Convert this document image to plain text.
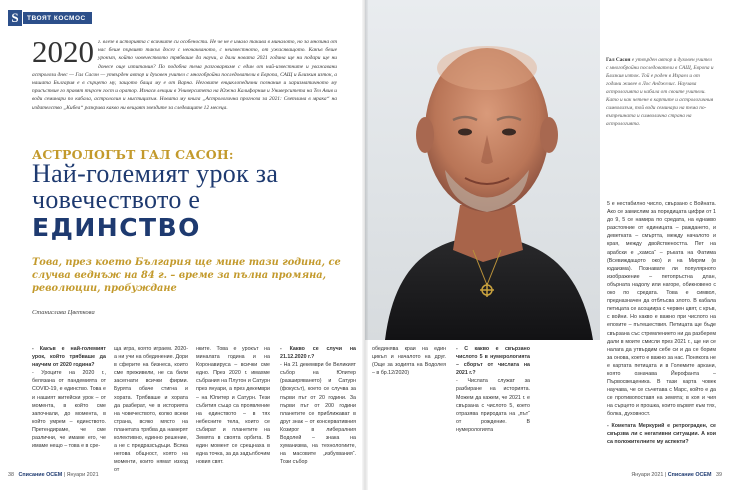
S	ТВОЯТ КОСМОС
2020 г. влезе в историята с всичките си особености. Не че не е имало такива в миналото, но за мнозина от нас беше първият такъв досег с неочакваното, с неизвестното, от ужасяващото. Какъв беше урокът, който човечеството трябваше да научи, а дали новата 2021 година ще ни подари ще ни донесе още изпитания? По подобна тема разговаряхме с един от най-известните и уважавани астролози днес — Гал Сасон — утвърден автор и духовен учител с многобройни последователи в Европа, САЩ и Близкия изток, а нашата България е в сърцето му, защото баща му е от Варна. Неговите енциклопедични познания и харизматичното му присъствие го правят търсен гост и оратор. Изнася лекции в Университета на Южна Калифорния и Университета на Тел Авив и води семинари по кабала, астрология и мистицизъм. Новата му книга „Астрологична прогноза за 2021: Светлина в мрака“ на издателство „Кибеа“ разкрива какво ни вещаят звездите за следващите 12 месеца.
АСТРОЛОГЪТ ГАЛ САСОН:
Най-големият урок за човечеството е
ЕДИНСТВО
Това, през което България ще мине тази година, се случва веднъж на 84 г. – време за пълна промяна, революции, пробуждане
Станислава Цветкова

- Какъв е най-големият урок, който трябваше да научим от 2020 година?

- Уроците на 2020 г., белязана от пандемията от COVID-19, е единство. Това е и нашият житейски урок – от момента, в който сме започнали, до момента, в който умрем – единството. Претендираме, че сме различни, че имаме его, че имаме нещо – това е в сре-

ща игра, която играем. 2020-а ни учи на обединение. Дори в сферите на бизнеса, които сме преживели, не са били засегнати всички фирми. Бурята обаче стигна и хората. Трябваше и хората да разберат, че в историята на човечеството, колко всеки страна, всяко място на планетата трябва да намерят колективно, единно решение, а не с предразсъдъци. Всяка негова общност, която на моменти, които нямат изход от

нките. Това е урокът на миналата година и на Коронавируса – всички сме едно. През 2020 г. имахме събрания на Плутон и Сатурн през януари, а през декември – на Юпитер и Сатурн. Тези събития също са проявление на единството – в тях небесните тела, които се събират и планетите на Земята в своята орбита. В един момент се срещнаха в една точка, за да задълбочим новия свят.

- Какво се случи на 21.12.2020 г.?

- На 21 декември бе Великият събор на Юпитер (разширяването) и Сатурн (фокусът), което се случва за първи път от 20 години. За първи път от 200 години планетите се приближават в друг знак – от консервативния Козирог в либералния Водолей – знака на хуманизма, на технологиите, на масовите „избухвания“. Този събор

38 Списание ОСЕМ | Януари 2021
Гал Сасон е утвърден автор и духовен учител с многобройни последователи в САЩ, Европа и Близкия изток. Той е роден в Израел и от години живее в Лос Анджелис. Научава астрологията и кабала от своите учители. Като и как четене в картите и астрологичния символизъм, той води семинари на тема по-вътрешната и символична страна на астрологията.

5 е нестабилно число, свързано с Войната. Ако се замислим за поредицата цифри от 1 до 9, 5 се намира по средата, на еднакво разстояние от единицата – раждането, и деветката – смъртта, между началото и края, между двойствеността. Пет на арабски е „хамса“ – ръката на Фатима (Всевиждащото око) и на Мирям (в юдаизма). Познавате ли популярното изображение – петопръстна длан, обърната надолу или нагоре, обикновено с око по средата. Това е символ, предназначен да отблъсва злото. В кабала петицата се асоциира с червен цвят, с кръв, с войни. Но какво е важно при числото на епохите – пътешествия. Петицата ще бъде свързана със стремлението ни да разберем дали в моите смисли през 2021 г., ще ни се налага да утвърдим себе си и да се борим за онова, което е важно за нас. Понякога не е картата петицата и в Големите аркани, която означава Йерофанта – Първосвещеника. В тази карта човек научава, че се съчетава с Марс, който е да се противопоставя на земята; в коя и чия на сърцето и прошка, които вървят към тях, болка, духовност.

- Кометата Меркурий е ретрограден, се свързва ли с негативни ситуации. А кои са положителните му аспекти?

обединява краи на един цикъл и началото на друг. (Още за зодията на Водолея – в бр.12/2020)

- С какво е свързано числото 5 в нумерологията – сборът от числата на 2021 г.?

- Числата служат за разбиране на историята. Можем да кажем, че 2021 г. е свързана с числото 5, което отразява природата на „път“ от рождение. В нумерологията

Януари 2021 | Списание ОСЕМ 39
